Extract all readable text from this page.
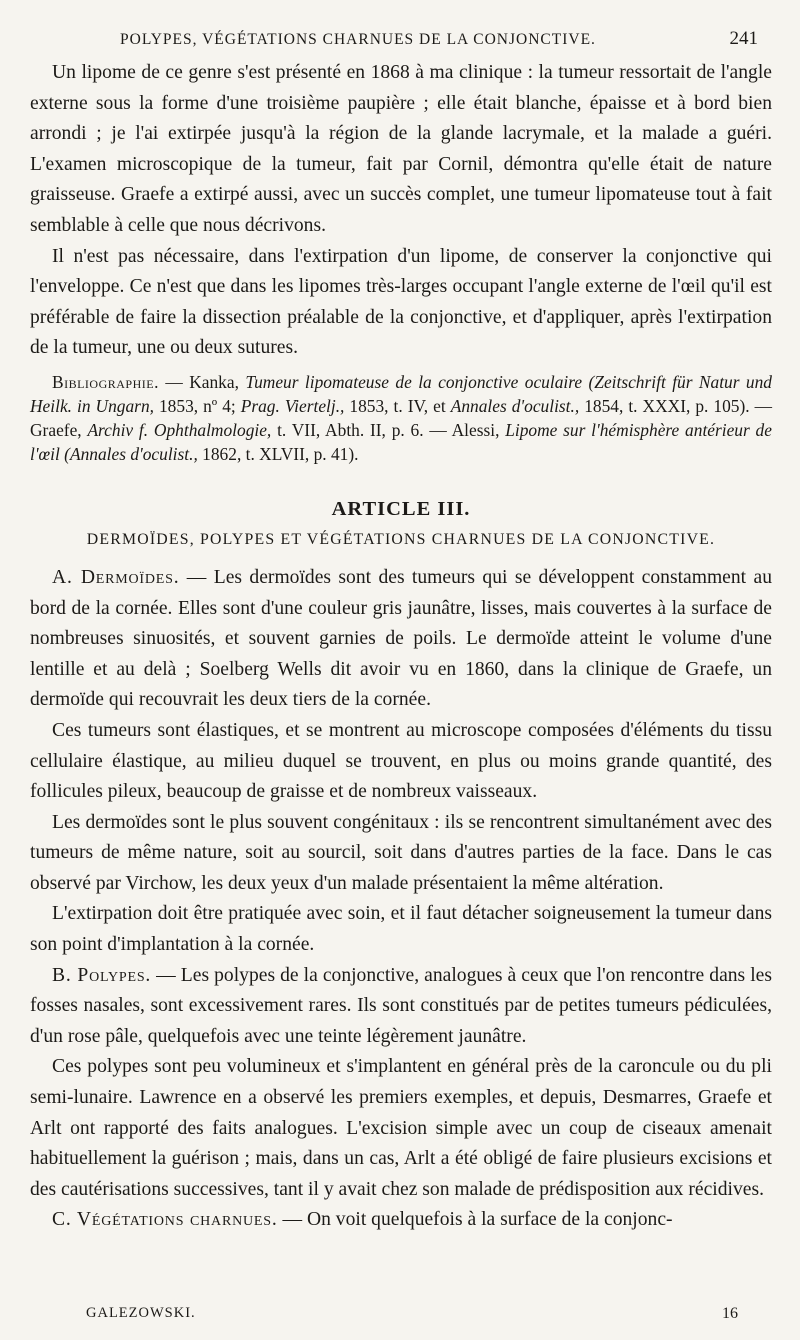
POLYPES, VÉGÉTATIONS CHARNUES DE LA CONJONCTIVE.	241

Un lipome de ce genre s'est présenté en 1868 à ma clinique : la tumeur ressortait de l'angle externe sous la forme d'une troisième paupière ; elle était blanche, épaisse et à bord bien arrondi ; je l'ai extirpée jusqu'à la région de la glande lacrymale, et la malade a guéri. L'examen microscopique de la tumeur, fait par Cornil, démontra qu'elle était de nature graisseuse. Graefe a extirpé aussi, avec un succès complet, une tumeur lipomateuse tout à fait semblable à celle que nous décrivons.

Il n'est pas nécessaire, dans l'extirpation d'un lipome, de conserver la conjonctive qui l'enveloppe. Ce n'est que dans les lipomes très-larges occupant l'angle externe de l'œil qu'il est préférable de faire la dissection préalable de la conjonctive, et d'appliquer, après l'extirpation de la tumeur, une ou deux sutures.

Bibliographie. — Kanka, Tumeur lipomateuse de la conjonctive oculaire (Zeitschrift für Natur und Heilk. in Ungarn, 1853, nº 4; Prag. Viertelj., 1853, t. IV, et Annales d'oculist., 1854, t. XXXI, p. 105). — Graefe, Archiv f. Ophthalmologie, t. VII, Abth. II, p. 6. — Alessi, Lipome sur l'hémisphère antérieur de l'œil (Annales d'oculist., 1862, t. XLVII, p. 41).
ARTICLE III.
DERMOÏDES, POLYPES ET VÉGÉTATIONS CHARNUES DE LA CONJONCTIVE.

A. Dermoïdes. — Les dermoïdes sont des tumeurs qui se développent constamment au bord de la cornée. Elles sont d'une couleur gris jaunâtre, lisses, mais couvertes à la surface de nombreuses sinuosités, et souvent garnies de poils. Le dermoïde atteint le volume d'une lentille et au delà ; Soelberg Wells dit avoir vu en 1860, dans la clinique de Graefe, un dermoïde qui recouvrait les deux tiers de la cornée.

Ces tumeurs sont élastiques, et se montrent au microscope composées d'éléments du tissu cellulaire élastique, au milieu duquel se trouvent, en plus ou moins grande quantité, des follicules pileux, beaucoup de graisse et de nombreux vaisseaux.

Les dermoïdes sont le plus souvent congénitaux : ils se rencontrent simultanément avec des tumeurs de même nature, soit au sourcil, soit dans d'autres parties de la face. Dans le cas observé par Virchow, les deux yeux d'un malade présentaient la même altération.

L'extirpation doit être pratiquée avec soin, et il faut détacher soigneusement la tumeur dans son point d'implantation à la cornée.

B. Polypes. — Les polypes de la conjonctive, analogues à ceux que l'on rencontre dans les fosses nasales, sont excessivement rares. Ils sont constitués par de petites tumeurs pédiculées, d'un rose pâle, quelquefois avec une teinte légèrement jaunâtre.

Ces polypes sont peu volumineux et s'implantent en général près de la caroncule ou du pli semi-lunaire. Lawrence en a observé les premiers exemples, et depuis, Desmarres, Graefe et Arlt ont rapporté des faits analogues. L'excision simple avec un coup de ciseaux amenait habituellement la guérison ; mais, dans un cas, Arlt a été obligé de faire plusieurs excisions et des cautérisations successives, tant il y avait chez son malade de prédisposition aux récidives.

C. Végétations charnues. — On voit quelquefois à la surface de la conjonc-

GALEZOWSKI.	16
